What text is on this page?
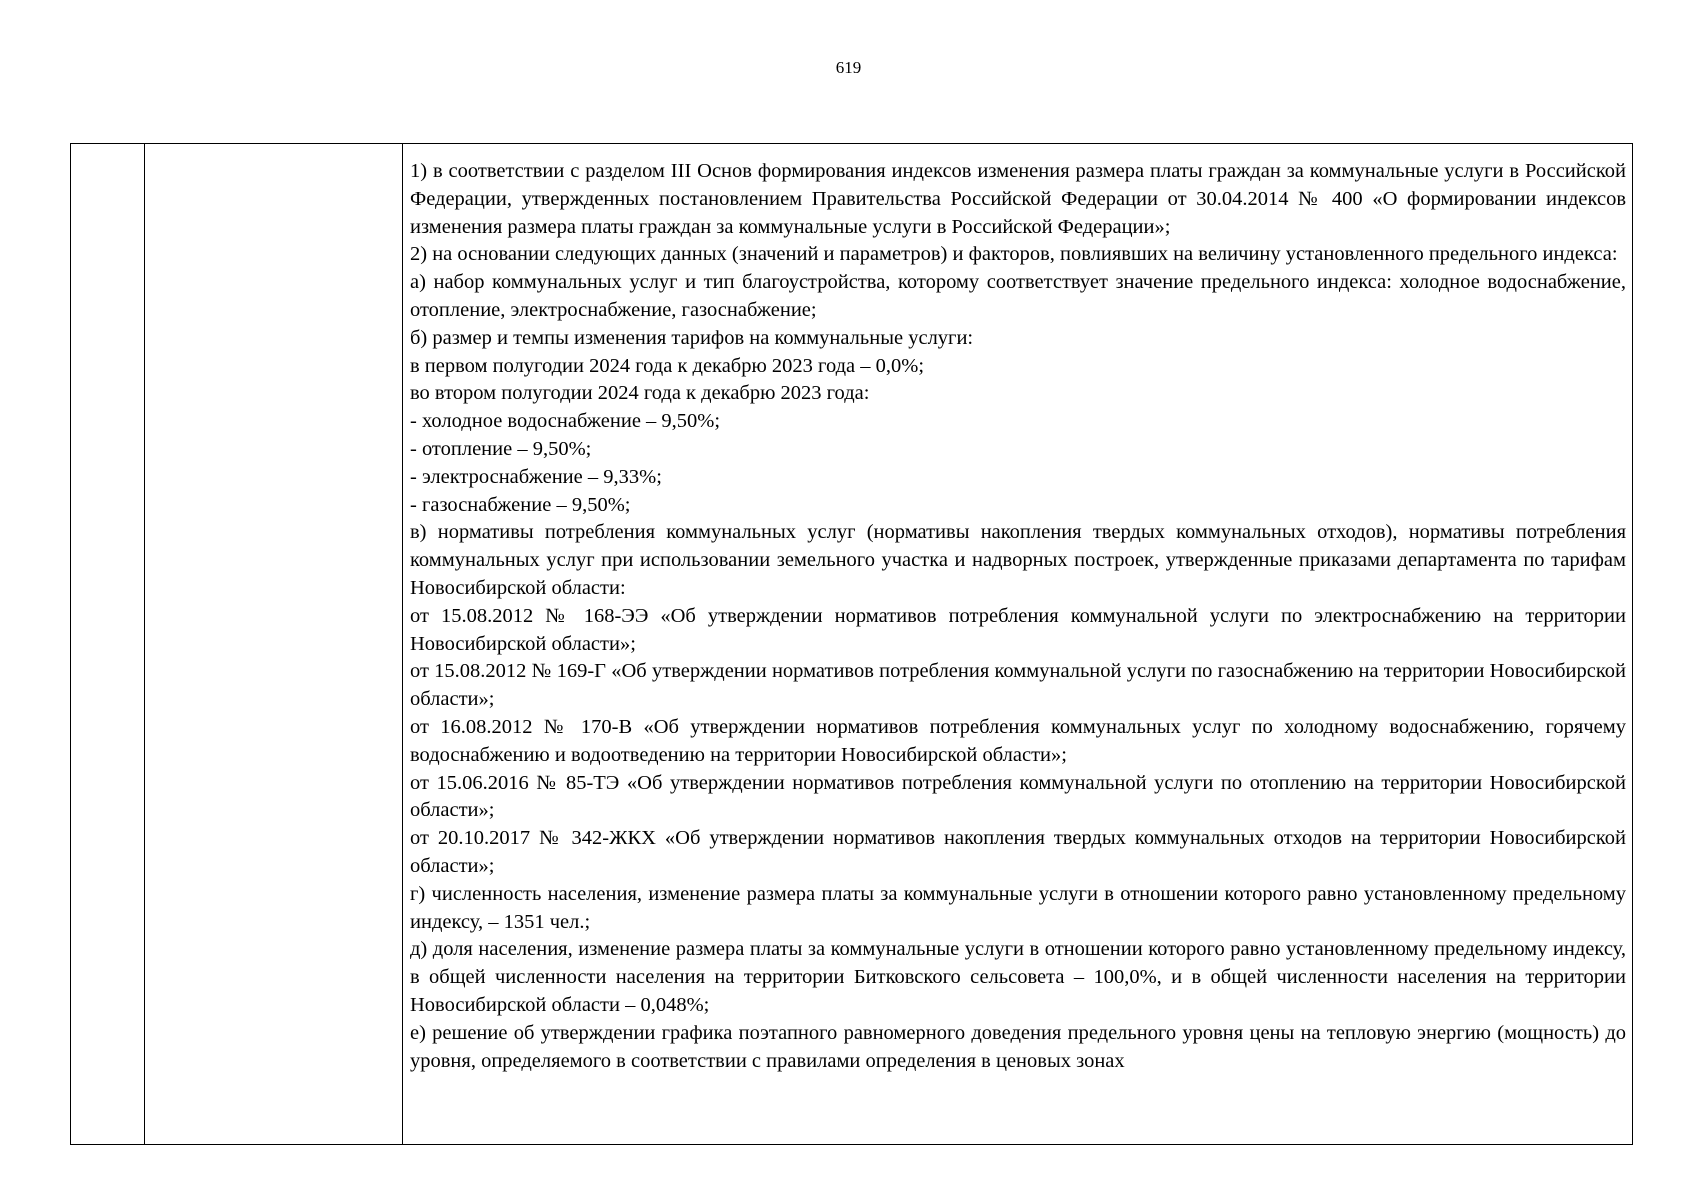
619

1) в соответствии с разделом III Основ формирования индексов изменения размера платы граждан за коммунальные услуги в Российской Федерации, утвержденных постановлением Правительства Российской Федерации от 30.04.2014 № 400 «О формировании индексов изменения размера платы граждан за коммунальные услуги в Российской Федерации»;

2) на основании следующих данных (значений и параметров) и факторов, повлиявших на величину установленного предельного индекса:

а) набор коммунальных услуг и тип благоустройства, которому соответствует значение предельного индекса: холодное водоснабжение, отопление, электроснабжение, газоснабжение;

б) размер и темпы изменения тарифов на коммунальные услуги:

в первом полугодии 2024 года к декабрю 2023 года – 0,0%;

во втором полугодии 2024 года к декабрю 2023 года:

- холодное водоснабжение – 9,50%;

- отопление – 9,50%;

- электроснабжение – 9,33%;

- газоснабжение – 9,50%;

в) нормативы потребления коммунальных услуг (нормативы накопления твердых коммунальных отходов), нормативы потребления коммунальных услуг при использовании земельного участка и надворных построек, утвержденные приказами департамента по тарифам Новосибирской области:

от 15.08.2012 № 168-ЭЭ «Об утверждении нормативов потребления коммунальной услуги по электроснабжению на территории Новосибирской области»;

от 15.08.2012 № 169-Г «Об утверждении нормативов потребления коммунальной услуги по газоснабжению на территории Новосибирской области»;

от 16.08.2012 № 170-В «Об утверждении нормативов потребления коммунальных услуг по холодному водоснабжению, горячему водоснабжению и водоотведению на территории Новосибирской области»;

от 15.06.2016 № 85-ТЭ «Об утверждении нормативов потребления коммунальной услуги по отоплению на территории Новосибирской области»;

от 20.10.2017 № 342-ЖКХ «Об утверждении нормативов накопления твердых коммунальных отходов на территории Новосибирской области»;

г) численность населения, изменение размера платы за коммунальные услуги в отношении которого равно установленному предельному индексу, – 1351 чел.;

д) доля населения, изменение размера платы за коммунальные услуги в отношении которого равно установленному предельному индексу, в общей численности населения на территории Битковского сельсовета – 100,0%, и в общей численности населения на территории Новосибирской области – 0,048%;

е) решение об утверждении графика поэтапного равномерного доведения предельного уровня цены на тепловую энергию (мощность) до уровня, определяемого в соответствии с правилами определения в ценовых зонах
